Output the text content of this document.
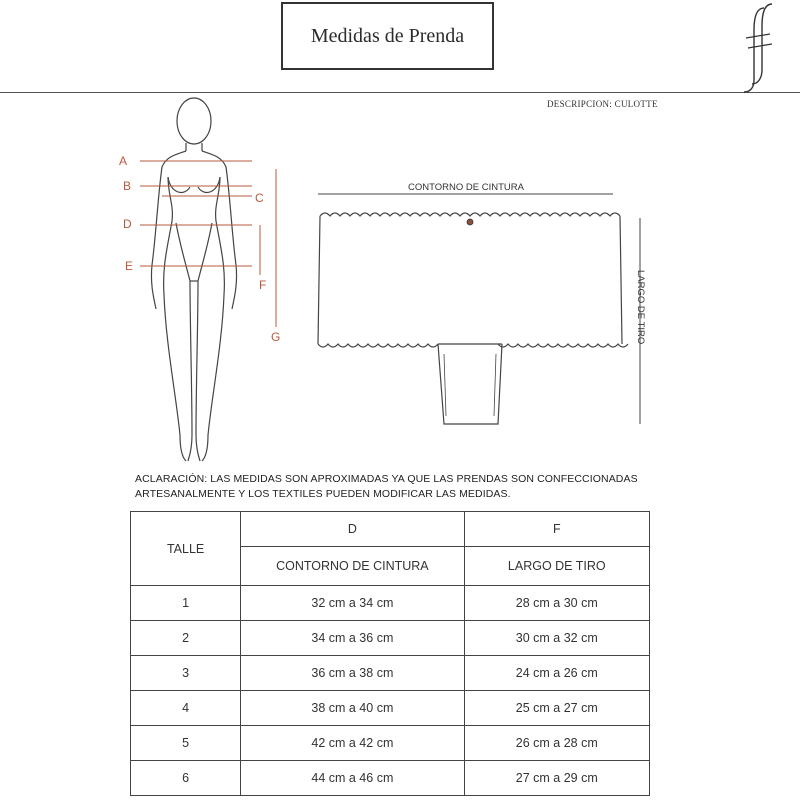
Medidas de Prenda
DESCRIPCION: CULOTTE
A
B
C
D
E
F
G
CONTORNO DE CINTURA
LARGO DE TIRO
ACLARACIÓN: LAS MEDIDAS SON APROXIMADAS YA QUE LAS PRENDAS SON CONFECCIONADAS ARTESANALMENTE Y LOS TEXTILES PUEDEN MODIFICAR LAS MEDIDAS.
TALLE	D	F
	CONTORNO DE CINTURA	LARGO DE TIRO
1	32 cm a 34 cm	28 cm a 30 cm
2	34 cm a 36 cm	30 cm a 32 cm
3	36 cm a 38 cm	24 cm a 26 cm
4	38 cm a 40 cm	25 cm a 27 cm
5	42 cm a 42 cm	26 cm a 28 cm
6	44 cm a 46 cm	27 cm a 29 cm
